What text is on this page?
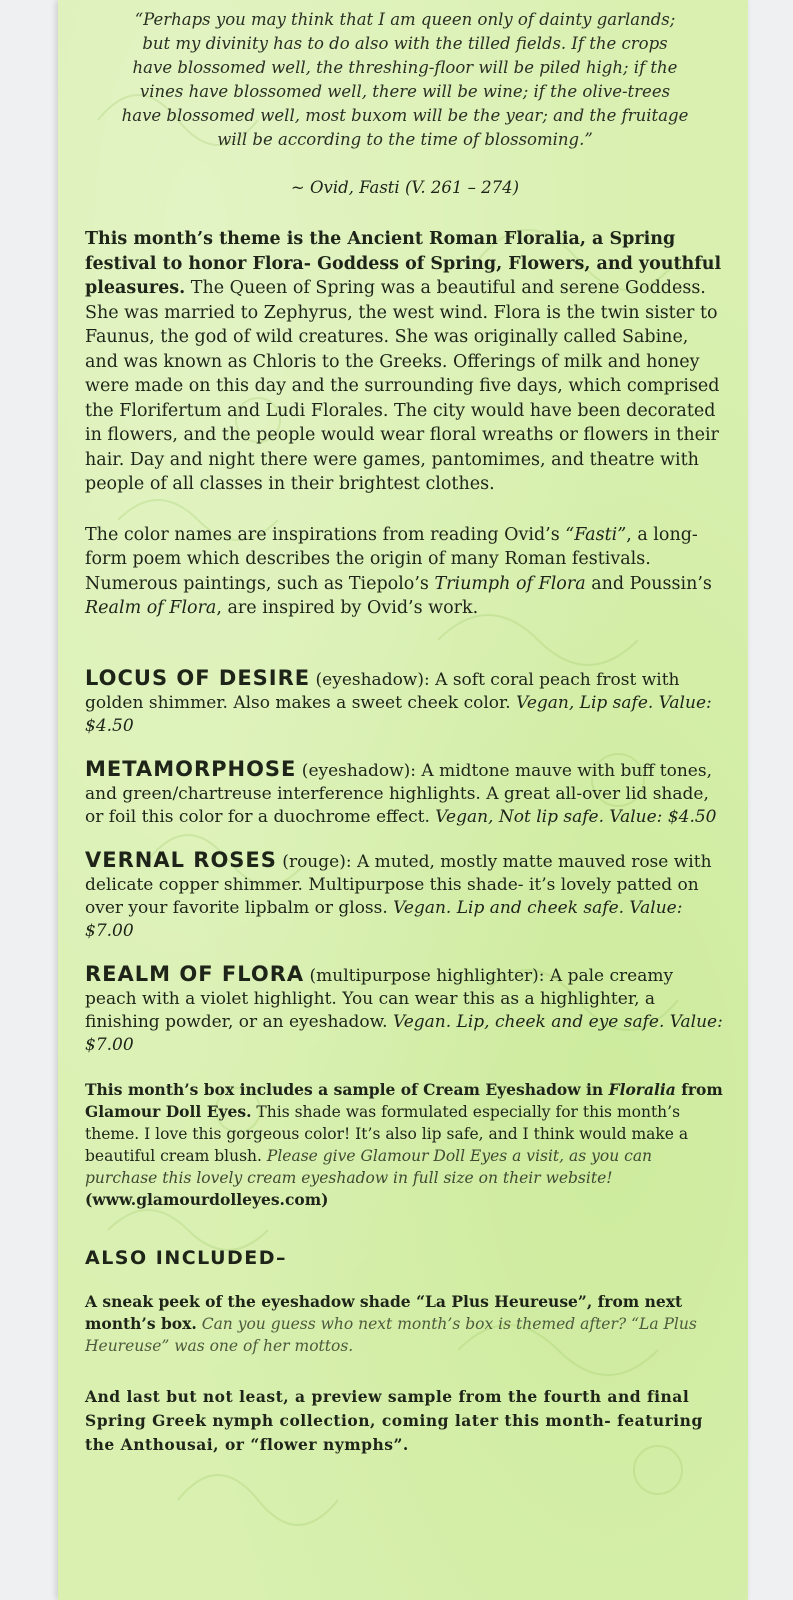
“Perhaps you may think that I am queen only of dainty garlands;
but my divinity has to do also with the tilled fields. If the crops
have blossomed well, the threshing-floor will be piled high; if the
vines have blossomed well, there will be wine; if the olive-trees
have blossomed well, most buxom will be the year; and the fruitage
will be according to the time of blossoming.”
~ Ovid, Fasti (V. 261 – 274)
This month’s theme is the Ancient Roman Floralia, a Spring festival to honor Flora- Goddess of Spring, Flowers, and youthful pleasures. The Queen of Spring was a beautiful and serene Goddess. She was married to Zephyrus, the west wind. Flora is the twin sister to Faunus, the god of wild creatures. She was originally called Sabine, and was known as Chloris to the Greeks. Offerings of milk and honey were made on this day and the surrounding five days, which comprised the Florifertum and Ludi Florales. The city would have been decorated in flowers, and the people would wear floral wreaths or flowers in their hair. Day and night there were games, pantomimes, and theatre with people of all classes in their brightest clothes.
The color names are inspirations from reading Ovid’s “Fasti”, a long-form poem which describes the origin of many Roman festivals. Numerous paintings, such as Tiepolo’s Triumph of Flora and Poussin’s Realm of Flora, are inspired by Ovid’s work.
LOCUS OF DESIRE (eyeshadow): A soft coral peach frost with golden shimmer. Also makes a sweet cheek color. Vegan, Lip safe. Value: $4.50
METAMORPHOSE (eyeshadow): A midtone mauve with buff tones, and green/chartreuse interference highlights. A great all-over lid shade, or foil this color for a duochrome effect. Vegan, Not lip safe. Value: $4.50
VERNAL ROSES (rouge): A muted, mostly matte mauved rose with delicate copper shimmer. Multipurpose this shade- it’s lovely patted on over your favorite lipbalm or gloss. Vegan. Lip and cheek safe. Value: $7.00
REALM OF FLORA (multipurpose highlighter): A pale creamy peach with a violet highlight. You can wear this as a highlighter, a finishing powder, or an eyeshadow. Vegan. Lip, cheek and eye safe. Value: $7.00
This month’s box includes a sample of Cream Eyeshadow in Floralia from Glamour Doll Eyes. This shade was formulated especially for this month’s theme. I love this gorgeous color! It’s also lip safe, and I think would make a beautiful cream blush. Please give Glamour Doll Eyes a visit, as you can purchase this lovely cream eyeshadow in full size on their website!
(www.glamourdolleyes.com)
ALSO INCLUDED–
A sneak peek of the eyeshadow shade “La Plus Heureuse”, from next month’s box. Can you guess who next month’s box is themed after? “La Plus Heureuse” was one of her mottos.
And last but not least, a preview sample from the fourth and final Spring Greek nymph collection, coming later this month- featuring the Anthousai, or “flower nymphs”.
